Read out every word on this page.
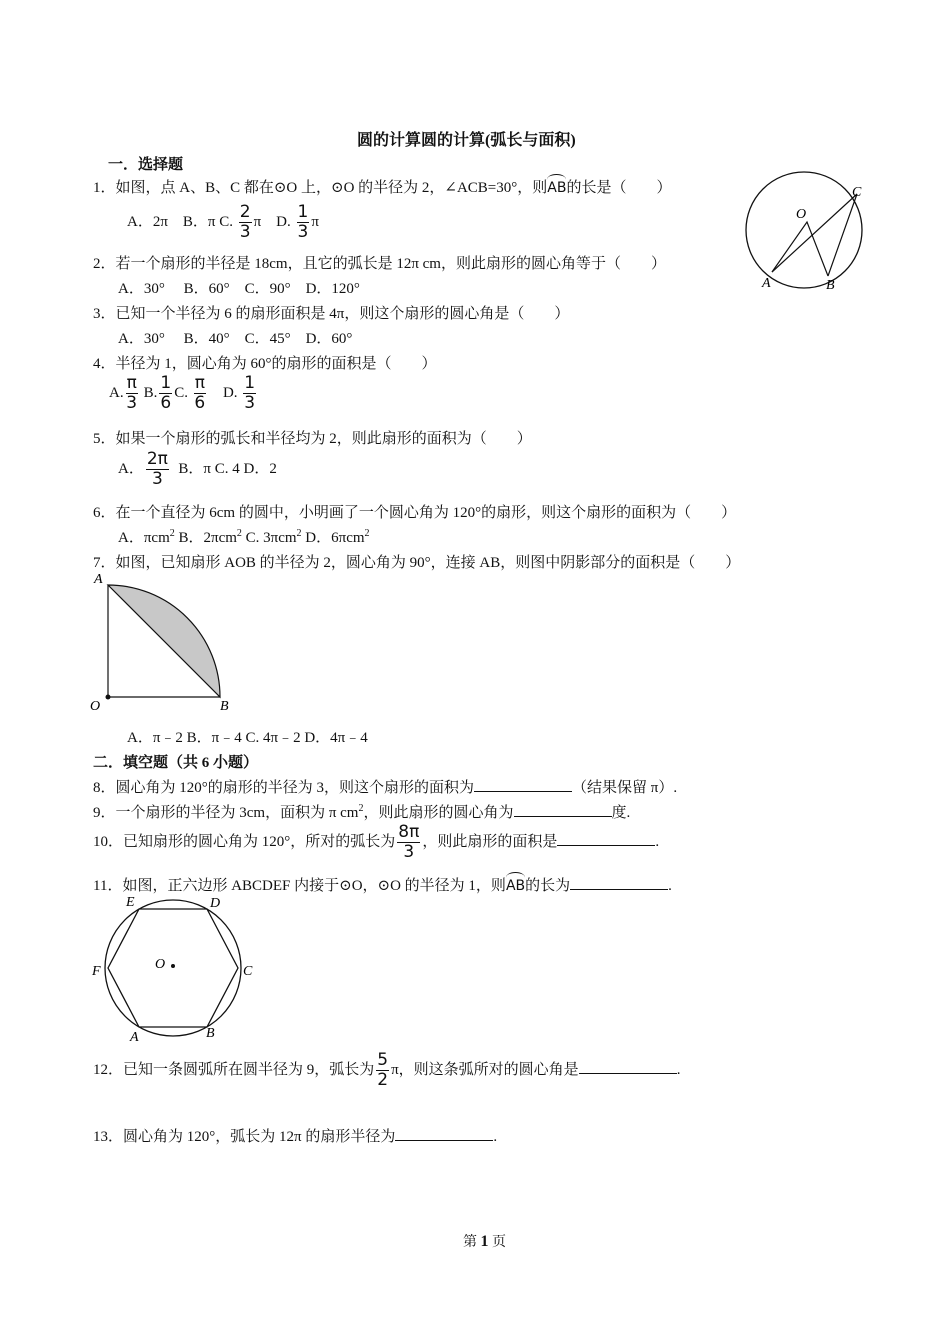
圆的计算圆的计算(弧长与面积)
一．选择题
1．如图，点 A、B、C 都在⊙O 上，⊙O 的半径为 2，∠ACB=30°，则AB的长是（　　）
A．2π B．π C. $\frac{2}{3}$ π D. $\frac{1}{3}$ π	O
C
A	B
2．若一个扇形的半径是 18cm，且它的弧长是 12π cm，则此扇形的圆心角等于（　　）
A．30°　 B．60°　C．90°　D．120°
3．已知一个半径为 6 的扇形面积是 4π，则这个扇形的圆心角是（　　）
A．30°　 B．40°　C．45°　D．60°
4．半径为 1，圆心角为 60°的扇形的面积是（　　）
A. $\frac{\pi}{3} B$. $\frac{1}{6} C$. $\frac{\pi}{6} D$. $\frac{1}{3}$
5．如果一个扇形的弧长和半径均为 2，则此扇形的面积为（　　）
A． $\frac{2\pi}{3}$ B．π C. 4 D．2
6．在一个直径为 6cm 的圆中，小明画了一个圆心角为 120°的扇形，则这个扇形的面积为（　　）
A．πcm$^2$ B．2πcm$^2$ C. 3πcm$^2$ D．6πcm$^2$
7．如图，已知扇形 AOB 的半径为 2，圆心角为 90°，连接 AB，则图中阴影部分的面积是（　　）
A
O	B
A．π﹣2 B．π﹣4 C. 4π﹣2 D．4π﹣4
二．填空题（共 6 小题）
8．圆心角为 120°的扇形的半径为 3，则这个扇形的面积为	（结果保留 π）.
9．一个扇形的半径为 3cm，面积为 π $cm^2$，则此扇形的圆心角为	度.
10．已知扇形的圆心角为 120°，所对的弧长为 $\frac{8\pi}{3}$ ，则此扇形的面积是	.
11．如图，正六边形 ABCDEF 内接于⊙O，⊙O 的半径为 1，则AB的长为	.
O
E	D
F	C
A	B
12．已知一条圆弧所在圆半径为 9，弧长为 $\frac{5}{2}$ π，则这条弧所对的圆心角是	.
13．圆心角为 120°，弧长为 12π 的扇形半径为	.
第 1 页
